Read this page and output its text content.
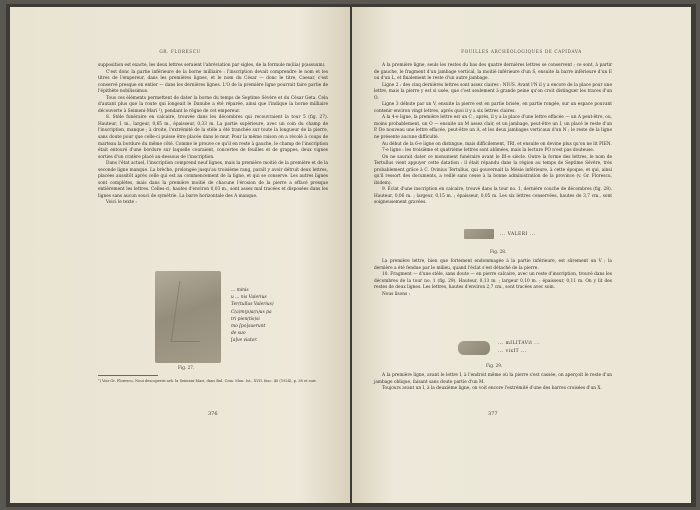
GR. FLORESCU

supposition est exacte, les deux lettres seraient l'abréviation par sigles, de la formule m(ilia) p(assuum).

C'est donc la partie inférieure de la borne milliaire : l'inscription devait comprendre le nom et les titres de l'empereur, dans les premières lignes, et le nom du César — donc le titre, Caesar, c'est conservé presque en entier — dans les dernières lignes. L'O de la première ligne pourrait faire partie de l'épithète nobilissimus.

Tous ces éléments permettent de dater la borne du temps de Septime Sévère et du César Geta. Cela d'autant plus que la route qui longeait le Danube a été réparée, ainsi que l'indique la borne milliaire découverte à Seimeni-Mari ¹), pendant le règne de cet empereur.

8. Stèle funéraire en calcaire, trouvée dans les décombres qui recouvraient la tour 5 (fig. 27). Hauteur, 1 m., largeur, 0,65 m., épaisseur, 0,33 m. La partie supérieure, avec un coin du champ de l'inscription, manque ; à droite, l'extrémité de la stèle a été tranchée sur toute la longueur de la pierre, sans doute pour que celle-ci puisse être placée dans le mur. Pour la même raison on a récolé à coups de marteau la bordure du même côté. Comme le prouve ce qu'il en reste à gauche, le champ de l'inscription était entouré d'une bordure sur laquelle couraient, concertes de feuilles et de grappes, deux vignes sorties d'un cratère placé au-dessous de l'inscription.

Dans l'état actuel, l'inscription comprend neuf lignes, mais la première moitié de la première et de la seconde ligne manque. La brèche, prolongée jusqu'au troisième rang, paraît y avoir détruit deux lettres, placées aussitôt après celle qui est au commencement de la ligne, et qui se conserve. Les autres lignes sont complètes, mais dans la première moitié de chacune l'érosion de la pierre a effacé presque entièrement les lettres. Celles-ci, hautes d'environ 0,03 m., sont assez mal tracées et disposées dans les lignes sans aucun souci de symétrie. La barre horizontale des A manque.

Voici le texte :

Fig. 27.
... minis
u ... nis Valerius
Ter(tullus Valerius)
C(a)m(p)a(n)us pa
tri pien(tis)si
mo [po]suerunt
de suo
[a]ve viator.
¹) Voir Gr. Florescu, Noui descoperiri arh. la Seimeni-Mari, dans Bul. Com. Mon. Ist., XVII, fasc. 40 (1924), p. 38 et suiv.
376
FOUILLES ARCHÉOLOGIQUES DE CAPIDAVA

A la première ligne, seuls les restes du bas des quatre dernières lettres se conservent ; ce sont, à partir de gauche, le fragment d'un jambage vertical, la moitié inférieure d'un S, ensuite la barre inférieure d'un E ou d'un L, et finalement le reste d'un autre jambage.

Ligne 2 : des cinq dernières lettres sont assez claires : NIUS. Avant l'N il y a encore de la place pour une lettre, mais la pierre y est si usée, que c'est seulement à grande peine qu'on croit distinguer les traces d'un O.

Ligne 3 débute par un V, ensuite la pierre est en partie brisée, en partie rongée, sur un espace pouvant contenir environ vingt lettres, après quoi il y a six lettres claires.

A la 4-e ligne, la première lettre est un C ; après, il y a la place d'une lettre effacée — un A peut-être, ou, moins probablement, un O — ensuite un M assez clair, et un jambage, peut-être un I, un placé le reste d'un P. De nouveau une lettre effacée, peut-être un A, et les deux jambages verticaux d'un N ; le reste de la ligne ne présente aucune difficulté.

Au début de la 6-e ligne on distingue, mais difficilement, TRI, et ensuite on devine plus qu'on ne lit PIEN.

7-e ligne : les troisième et quatrième lettres sont abîmées, mais la lecture PO n'est pas douteuse.

On ne saurait dater ce monument funéraire avant le III-e siècle. Outre la forme des lettres, le nom de Tertullus vient appuyer cette datation : il était répandu dans la région au temps de Septime Sévère, très probablement grâce à C. Ovinius Tertullus, qui gouvernait la Mésie inférieure, à cette époque, et qui, ainsi qu'il ressort des documents, a veillé sans cesse à la bonne administration de la province (v. Gr. Florescu, ibidem).

9. Éclat d'une inscription en calcaire, trouvé dans la tour no. 1, dernière couche de décombres (fig. 28). Hauteur, 0,06 m. ; largeur, 0,15 m. ; épaisseur, 0,05 m. Les six lettres conservées, hautes de 3,7 cm., sont soigneusement gravées.

... VALERI ...
Fig. 28.

La première lettre, bien que fortement endommagée à la partie inférieure, est sûrement un V ; la dernière a été fendue par le milieu, quand l'éclat s'est détaché de la pierre.

10. Fragment — d'une stèle, sans doute — en pierre calcaire, avec un reste d'inscription, trouvé dans les décombres de la tour no. 1 (fig. 29). Hauteur, 0,13 m. ; largeur 0,10 m. ; épaisseur, 0,11 m. On y lit des restes de deux lignes. Les lettres, hautes d'environ 2,7 cm., sont tracées avec soin.

Nous lisons :

... mILITAVit ...
... vixIT ...
Fig. 29.

A la première ligne, avant le lettre I, à l'endroit même où la pierre s'est cassée, on aperçoit le reste d'un jambage oblique, faisant sans doute partie d'un M.

Toujours avant un I, à la deuxième ligne, on voit encore l'extrémité d'une des barres croisées d'un X.

377
